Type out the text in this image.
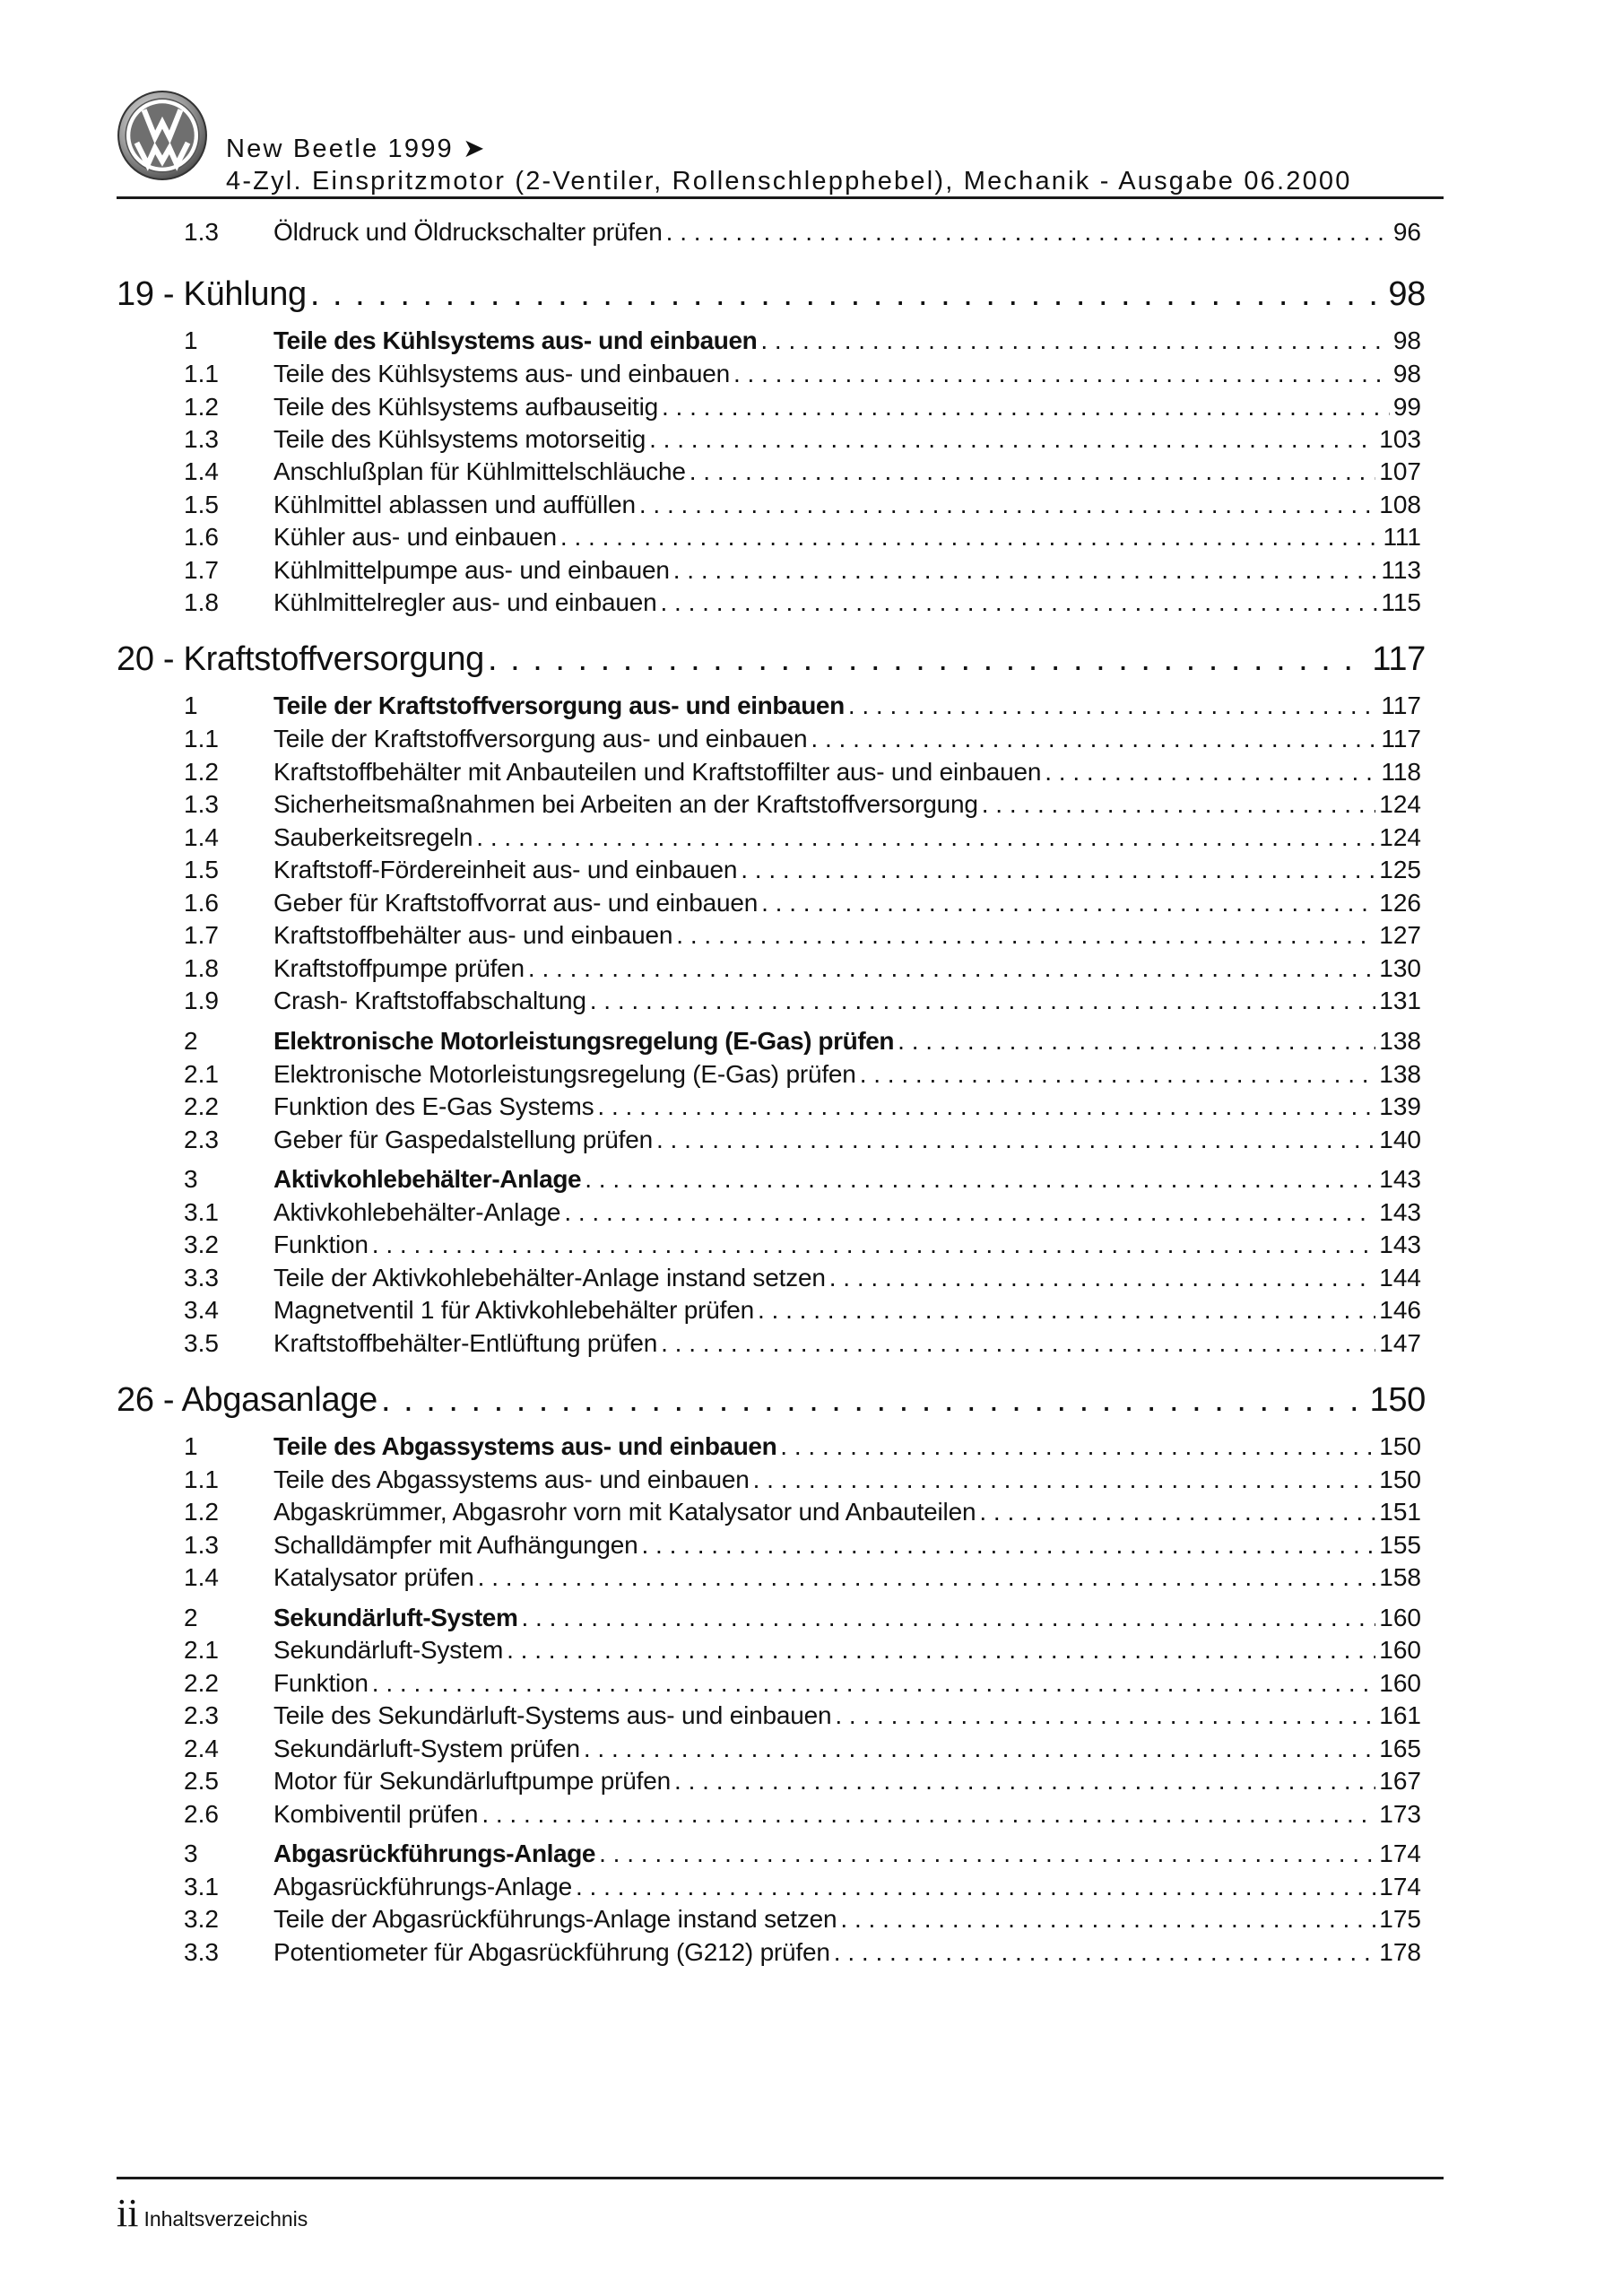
New Beetle 1999 ➤
4-Zyl. Einspritzmotor (2-Ventiler, Rollenschlepphebel), Mechanik - Ausgabe 06.2000
1.3	Öldruck und Öldruckschalter prüfen . . .	96
19 - Kühlung . . .	98
1	Teile des Kühlsystems aus- und einbauen . . .	98
1.1	Teile des Kühlsystems aus- und einbauen . . .	98
1.2	Teile des Kühlsystems aufbauseitig . . .	99
1.3	Teile des Kühlsystems motorseitig . . .	103
1.4	Anschlußplan für Kühlmittelschläuche . . .	107
1.5	Kühlmittel ablassen und auffüllen . . .	108
1.6	Kühler aus- und einbauen . . .	111
1.7	Kühlmittelpumpe aus- und einbauen . . .	113
1.8	Kühlmittelregler aus- und einbauen . . .	115
20 - Kraftstoffversorgung . . .	117
1	Teile der Kraftstoffversorgung aus- und einbauen . . .	117
1.1	Teile der Kraftstoffversorgung aus- und einbauen . . .	117
1.2	Kraftstoffbehälter mit Anbauteilen und Kraftstoffilter aus- und einbauen . . .	118
1.3	Sicherheitsmaßnahmen bei Arbeiten an der Kraftstoffversorgung . . .	124
1.4	Sauberkeitsregeln . . .	124
1.5	Kraftstoff-Fördereinheit aus- und einbauen . . .	125
1.6	Geber für Kraftstoffvorrat aus- und einbauen . . .	126
1.7	Kraftstoffbehälter aus- und einbauen . . .	127
1.8	Kraftstoffpumpe prüfen . . .	130
1.9	Crash- Kraftstoffabschaltung . . .	131
2	Elektronische Motorleistungsregelung (E-Gas) prüfen . . .	138
2.1	Elektronische Motorleistungsregelung (E-Gas) prüfen . . .	138
2.2	Funktion des E-Gas Systems . . .	139
2.3	Geber für Gaspedalstellung prüfen . . .	140
3	Aktivkohlebehälter-Anlage . . .	143
3.1	Aktivkohlebehälter-Anlage . . .	143
3.2	Funktion . . .	143
3.3	Teile der Aktivkohlebehälter-Anlage instand setzen . . .	144
3.4	Magnetventil 1 für Aktivkohlebehälter prüfen . . .	146
3.5	Kraftstoffbehälter-Entlüftung prüfen . . .	147
26 - Abgasanlage . . .	150
1	Teile des Abgassystems aus- und einbauen . . .	150
1.1	Teile des Abgassystems aus- und einbauen . . .	150
1.2	Abgaskrümmer, Abgasrohr vorn mit Katalysator und Anbauteilen . . .	151
1.3	Schalldämpfer mit Aufhängungen . . .	155
1.4	Katalysator prüfen . . .	158
2	Sekundärluft-System . . .	160
2.1	Sekundärluft-System . . .	160
2.2	Funktion . . .	160
2.3	Teile des Sekundärluft-Systems aus- und einbauen . . .	161
2.4	Sekundärluft-System prüfen . . .	165
2.5	Motor für Sekundärluftpumpe prüfen . . .	167
2.6	Kombiventil prüfen . . .	173
3	Abgasrückführungs-Anlage . . .	174
3.1	Abgasrückführungs-Anlage . . .	174
3.2	Teile der Abgasrückführungs-Anlage instand setzen . . .	175
3.3	Potentiometer für Abgasrückführung (G212) prüfen . . .	178
ii Inhaltsverzeichnis
